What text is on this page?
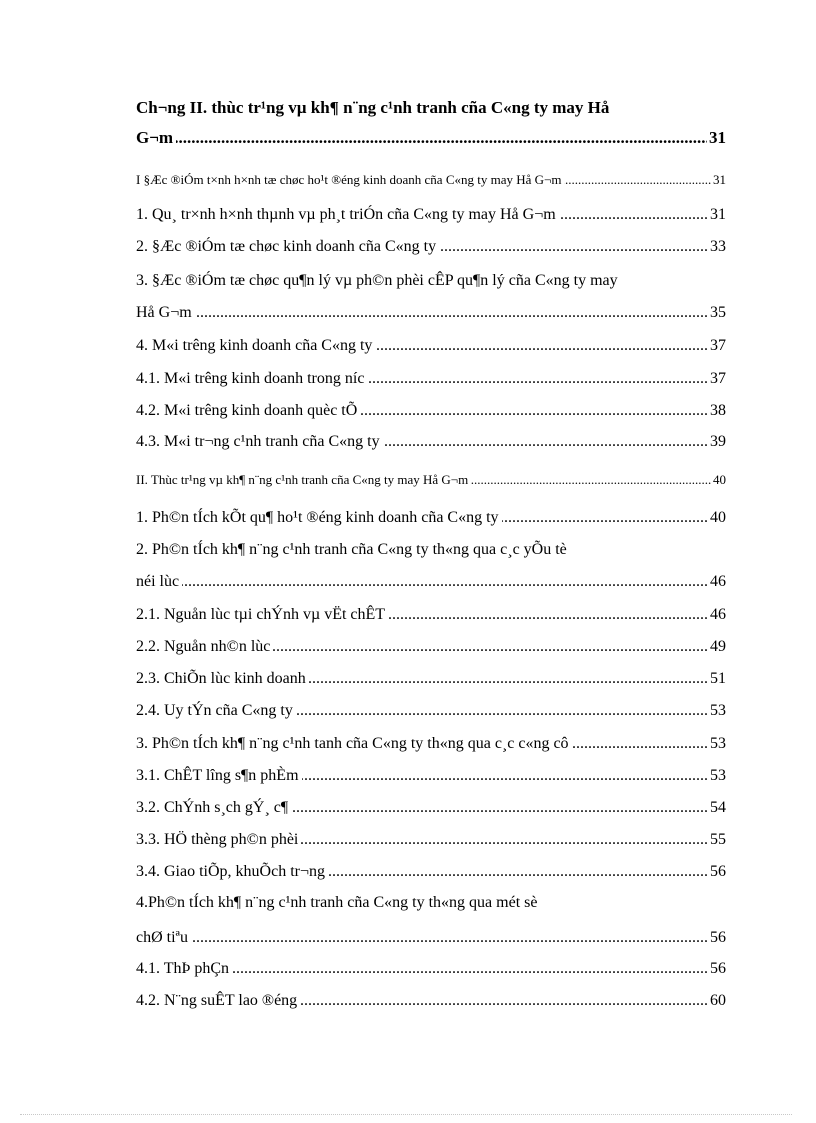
Ch¬ng II. thùc tr¹ng vµ kh¶ n¨ng c¹nh tranh cña C«ng ty may Hå
G¬m	31
.....
I §Æc ®iÓm t×nh h×nh tæ chøc ho¹t ®éng kinh doanh cña C«ng ty may Hå G¬m	31
.....
1. Qu¸ tr×nh h×nh thµnh vµ ph¸t triÓn cña C«ng ty may Hå G¬m	31
.....
2. §Æc ®iÓm tæ chøc kinh doanh cña C«ng ty	33
.....
3. §Æc ®iÓm tæ chøc qu¶n lý vµ ph©n phèi cÊP qu¶n lý cña C«ng ty may
Hå G¬m	35
.....
4. M«i trêng kinh doanh cña C«ng ty	37
.....
4.1. M«i trêng kinh doanh trong níc	37
.....
4.2. M«i trêng kinh doanh quèc tÕ	38
.....
4.3. M«i tr¬ng c¹nh tranh cña C«ng ty	39
.....
II. Thùc tr¹ng vµ kh¶ n¨ng c¹nh tranh cña C«ng ty may Hå G¬m	40
.....
1. Ph©n tÍch kÕt qu¶ ho¹t ®éng kinh doanh cña C«ng ty	40
.....
2. Ph©n tÍch kh¶ n¨ng c¹nh tranh cña C«ng ty th«ng qua c¸c yÕu tè
néi lùc	46
.....
2.1. Nguån lùc tµi chÝnh vµ vËt chÊT	46
.....
2.2. Nguån nh©n lùc	49
.....
2.3. ChiÕn lùc kinh doanh	51
.....
2.4. Uy tÝn cña C«ng ty	53
.....
3. Ph©n tÍch kh¶ n¨ng c¹nh tanh cña C«ng ty th«ng qua c¸c c«ng cô	53
.....
3.1. ChÊT lîng s¶n phÈm	53
.....
3.2. ChÝnh s¸ch gÝ¸ c¶	54
.....
3.3. HÖ thèng ph©n phèi	55
.....
3.4. Giao tiÕp, khuÕch tr¬ng	56
.....
4.Ph©n tÍch kh¶ n¨ng c¹nh tranh cña C«ng ty th«ng qua mét sè
chØ tiªu	56
.....
4.1. ThÞ phÇn	56
.....
4.2. N¨ng suÊT lao ®éng	60
.....
